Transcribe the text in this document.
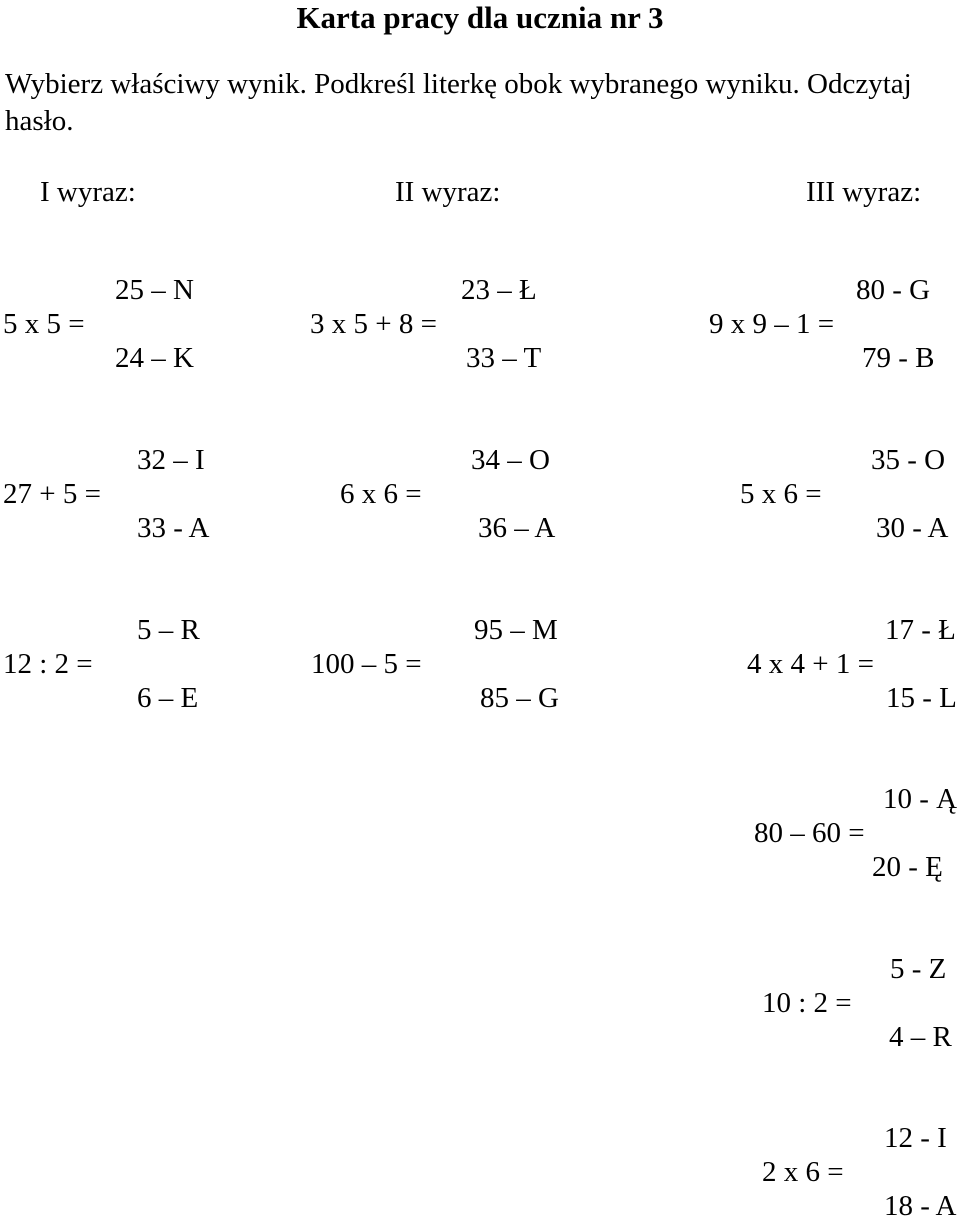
Karta pracy dla ucznia nr 3
Wybierz właściwy wynik. Podkreśl literkę obok wybranego wyniku. Odczytaj hasło.
I wyraz:	II wyraz:	III wyraz:
25 – N
5 x 5 =
24 – K
23 – Ł
3 x 5 + 8 =
33 – T
80 - G
9 x 9 – 1 =
79 - B
32 – I
27 + 5 =
33 - A
34 – O
6 x 6 =
36 – A
35 - O
5 x 6 =
30 - A
5 – R
12 : 2 =
6 – E
95 – M
100 – 5 =
85 – G
17 - Ł
4 x 4 + 1 =
15 - L
10 - Ą
80 – 60 =
20 - Ę
5 - Z
10 : 2 =
4 – R
12 - I
2 x 6 =
18 - A
